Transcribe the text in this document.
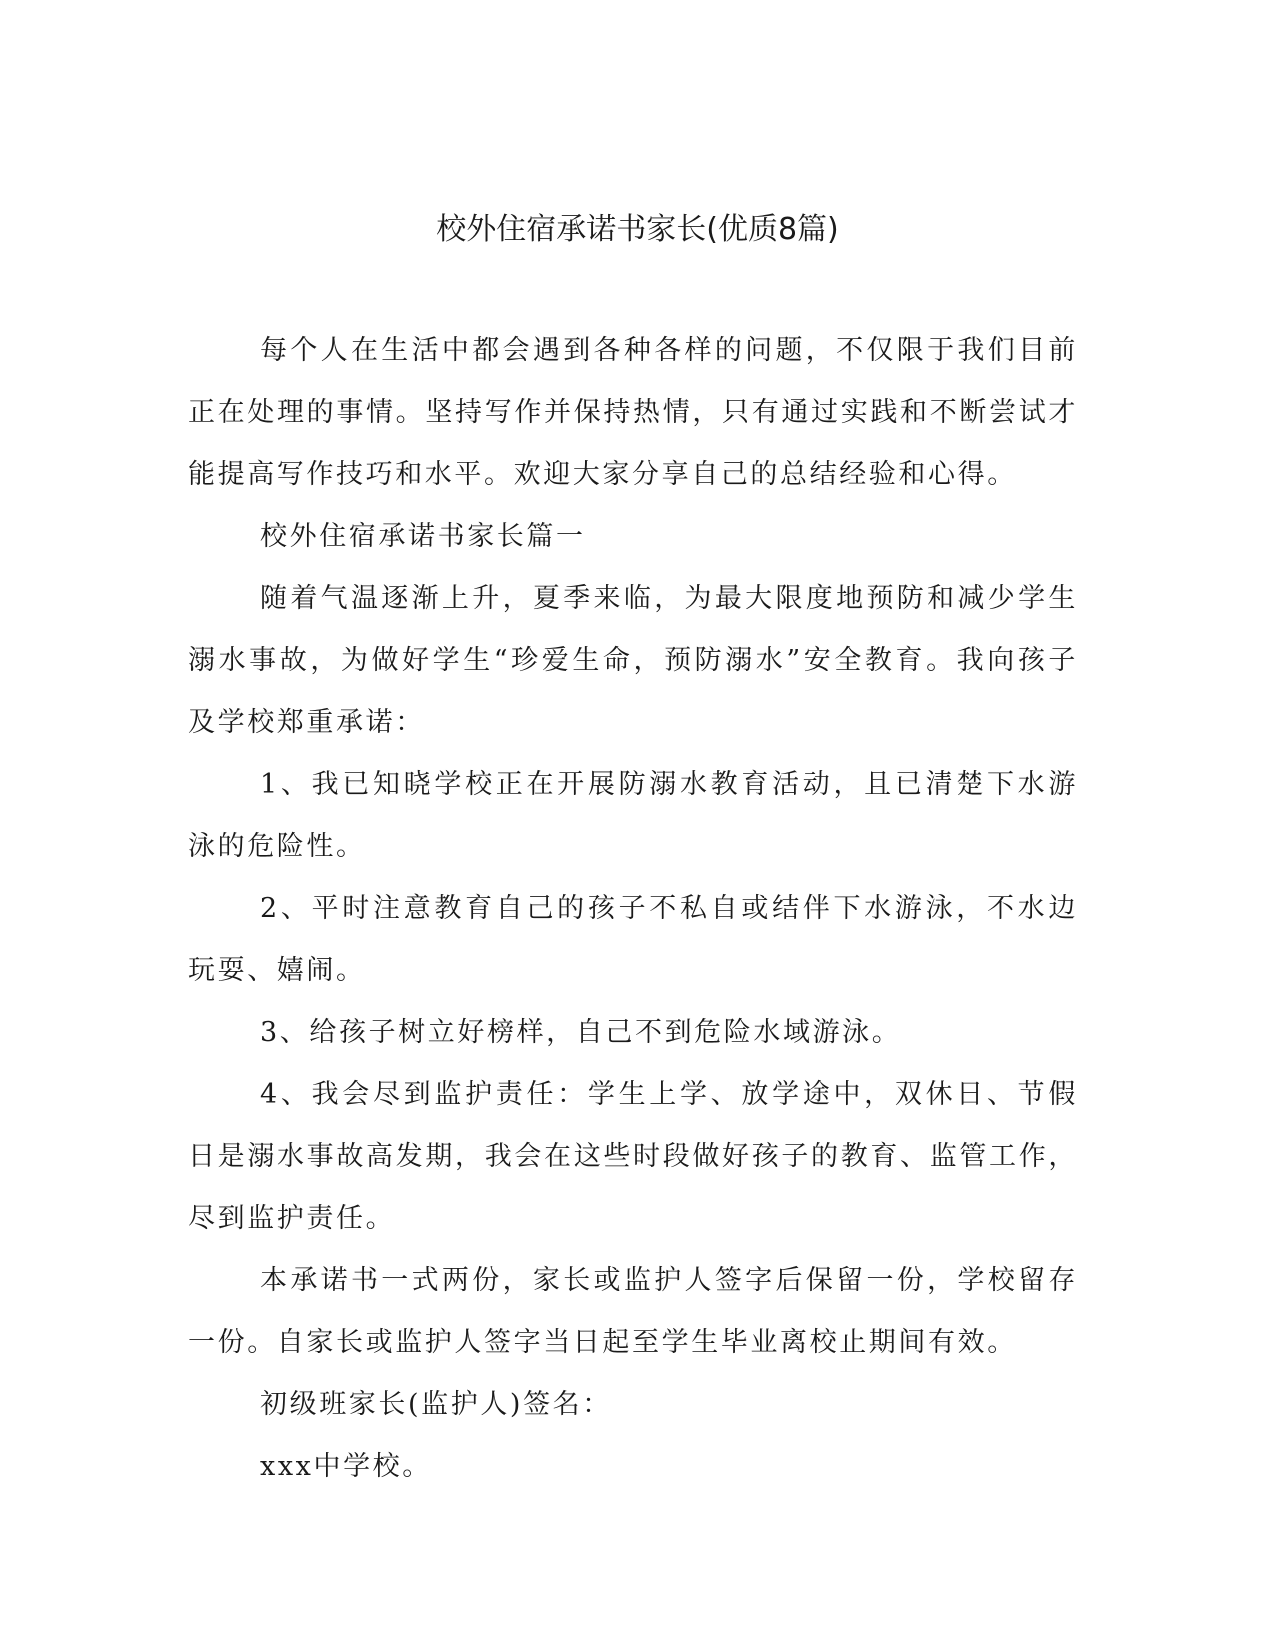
校外住宿承诺书家长(优质8篇)

每个人在生活中都会遇到各种各样的问题，不仅限于我们目前正在处理的事情。坚持写作并保持热情，只有通过实践和不断尝试才能提高写作技巧和水平。欢迎大家分享自己的总结经验和心得。

校外住宿承诺书家长篇一

随着气温逐渐上升，夏季来临，为最大限度地预防和减少学生溺水事故，为做好学生“珍爱生命，预防溺水”安全教育。我向孩子及学校郑重承诺：

1、我已知晓学校正在开展防溺水教育活动，且已清楚下水游泳的危险性。

2、平时注意教育自己的孩子不私自或结伴下水游泳，不水边玩耍、嬉闹。

3、给孩子树立好榜样，自己不到危险水域游泳。

4、我会尽到监护责任：学生上学、放学途中，双休日、节假日是溺水事故高发期，我会在这些时段做好孩子的教育、监管工作，尽到监护责任。

本承诺书一式两份，家长或监护人签字后保留一份，学校留存一份。自家长或监护人签字当日起至学生毕业离校止期间有效。

初级班家长(监护人)签名：

xxx中学校。
